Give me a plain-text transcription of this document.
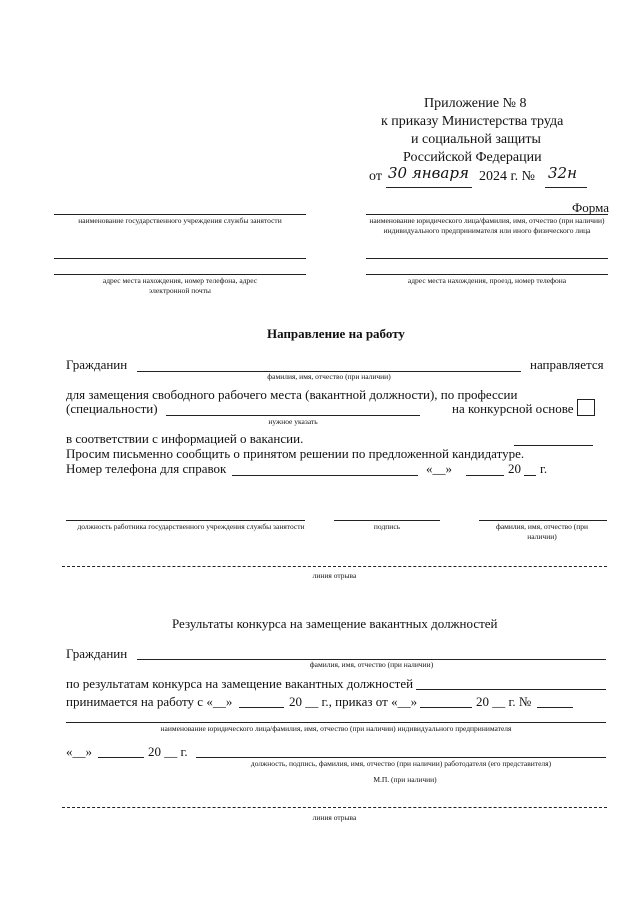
Приложение № 8
к приказу Министерства труда
и социальной защиты
Российской Федерации
от 30 января 2024 г. № 32н
Форма
наименование государственного учреждения службы занятости	наименование юридического лица/фамилия, имя, отчество (при наличии) индивидуального предпринимателя или иного физического лица
адрес места нахождения, номер телефона, адрес электронной почты
адрес места нахождения, проезд, номер телефона
Направление на работу
Гражданин	направляется
фамилия, имя, отчество (при наличии)
для замещения свободного рабочего места (вакантной должности), по профессии
(специальности)	на конкурсной основе
нужное указать
в соответствии с информацией о вакансии.
Просим письменно сообщить о принятом решении по предложенной кандидатуре.
Номер телефона для справок	«__»	20 г.
должность работника государственного учреждения службы занятости	подпись	фамилия, имя, отчество (при наличии)
линия отрыва
Результаты конкурса на замещение вакантных должностей
Гражданин
фамилия, имя, отчество (при наличии)
по результатам конкурса на замещение вакантных должностей
принимается на работу с «__»	20 __ г., приказ от «__»	20 __ г. №
наименование юридического лица/фамилия, имя, отчество (при наличии) индивидуального предпринимателя
«__»	20 __ г.
должность, подпись, фамилия, имя, отчество (при наличии) работодателя (его представителя)
М.П. (при наличии)
линия отрыва
